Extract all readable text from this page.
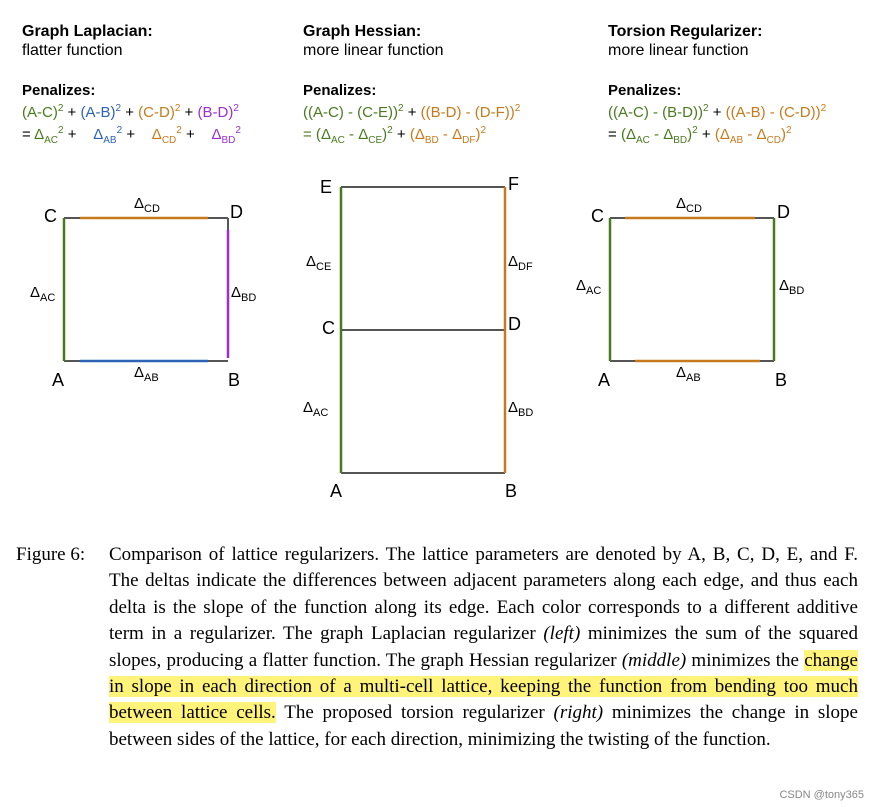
Graph Laplacian:
flatter function
Graph Hessian:
more linear function
Torsion Regularizer:
more linear function
Penalizes:
$(A-C)^2 + (A-B)^2 + (C-D)^2 + (B-D)^2$
= $\Delta_{AC}^2$ +    $\Delta_{AB}^2$ +    $\Delta_{CD}^2$ +    $\Delta_{BD}^2$
Penalizes:
((A-C) - (C-E))$^2$ + ((B-D) - (D-F))$^2$
= $(\Delta_{AC} - \Delta_{CE})^2 + (\Delta_{BD} - \Delta_{DF})^2$
Penalizes:
((A-C) - (B-D))$^2$ + ((A-B) - (C-D))$^2$
= $(\Delta_{AC} - \Delta_{BD})^2 + (\Delta_{AB} - \Delta_{CD})^2$
C	D
A	B
$\Delta_{CD}$
$\Delta_{AB}$
$\Delta_{AC}$	$\Delta_{BD}$
E	F
C	D
A	B
$\Delta_{CE}$	$\Delta_{DF}$
$\Delta_{AC}$	$\Delta_{BD}$
C	D
A	B
$\Delta_{CD}$
$\Delta_{AB}$
$\Delta_{AC}$	$\Delta_{BD}$
Figure 6: Comparison of lattice regularizers. The lattice parameters are denoted by A, B, C, D, E, and F. The deltas indicate the differences between adjacent parameters along each edge, and thus each delta is the slope of the function along its edge. Each color corresponds to a different additive term in a regularizer. The graph Laplacian regularizer (left) minimizes the sum of the squared slopes, producing a flatter function. The graph Hessian regularizer (middle) minimizes the change in slope in each direction of a multi-cell lattice, keeping the function from bending too much between lattice cells. The proposed torsion regularizer (right) minimizes the change in slope between sides of the lattice, for each direction, minimizing the twisting of the function.
CSDN @tony365
